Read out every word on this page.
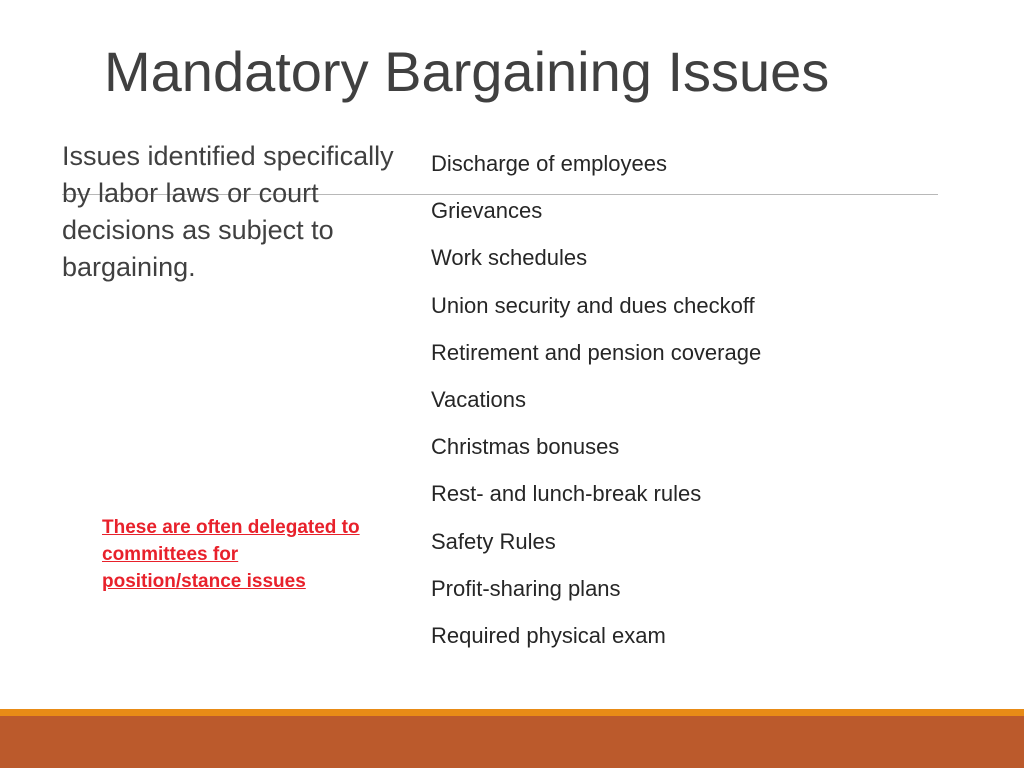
Mandatory Bargaining Issues
Issues identified specifically by labor laws or court decisions as subject to bargaining.
These are often delegated to committees for position/stance issues
Discharge of employees
Grievances
Work schedules
Union security and dues checkoff
Retirement and pension coverage
Vacations
Christmas bonuses
Rest- and lunch-break rules
Safety Rules
Profit-sharing plans
Required physical exam
